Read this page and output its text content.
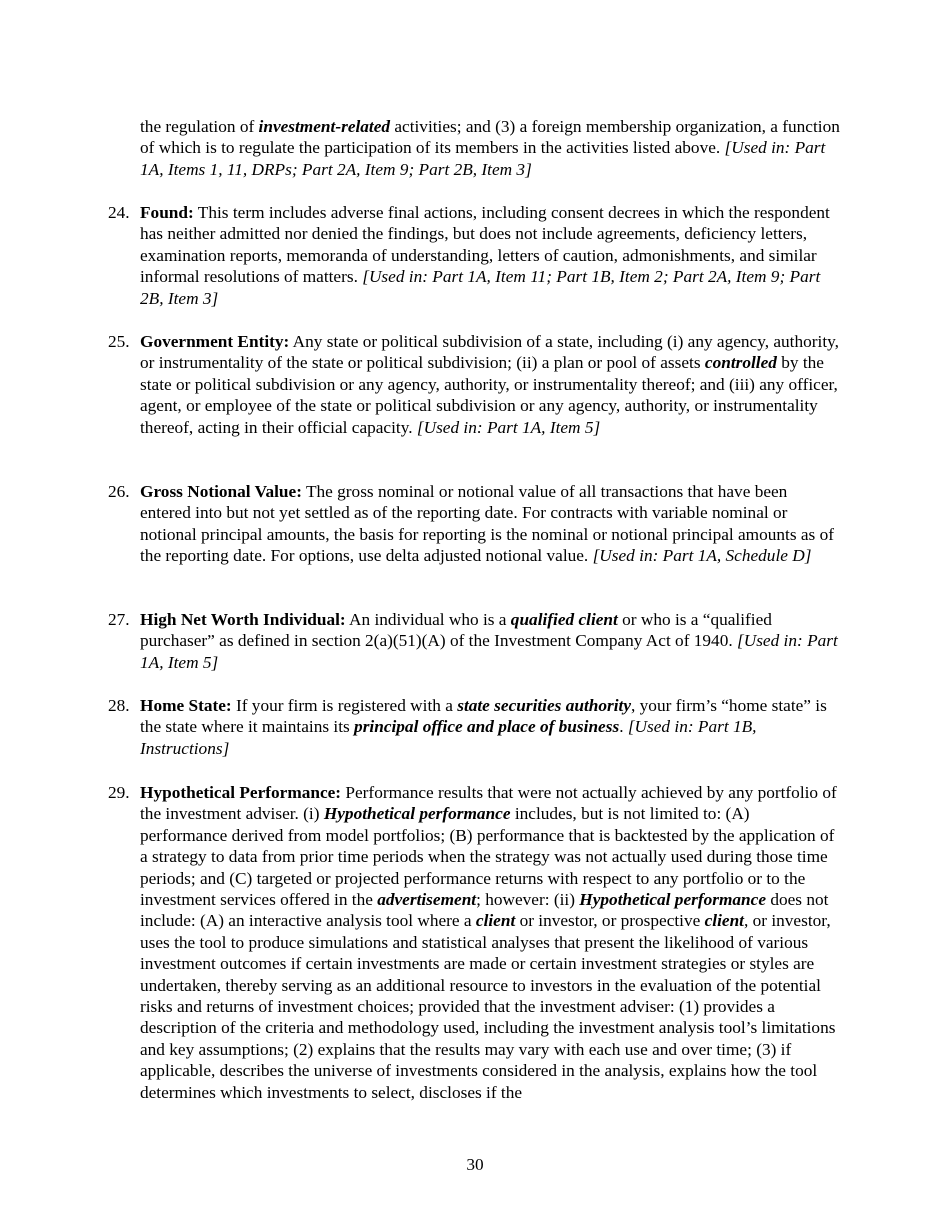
the regulation of investment-related activities; and (3) a foreign membership organization, a function of which is to regulate the participation of its members in the activities listed above. [Used in: Part 1A, Items 1, 11, DRPs; Part 2A, Item 9; Part 2B, Item 3]

24. Found: This term includes adverse final actions, including consent decrees in which the respondent has neither admitted nor denied the findings, but does not include agreements, deficiency letters, examination reports, memoranda of understanding, letters of caution, admonishments, and similar informal resolutions of matters. [Used in: Part 1A, Item 11; Part 1B, Item 2; Part 2A, Item 9; Part 2B, Item 3]
25. Government Entity: Any state or political subdivision of a state, including (i) any agency, authority, or instrumentality of the state or political subdivision; (ii) a plan or pool of assets controlled by the state or political subdivision or any agency, authority, or instrumentality thereof; and (iii) any officer, agent, or employee of the state or political subdivision or any agency, authority, or instrumentality thereof, acting in their official capacity. [Used in: Part 1A, Item 5]
26. Gross Notional Value: The gross nominal or notional value of all transactions that have been entered into but not yet settled as of the reporting date. For contracts with variable nominal or notional principal amounts, the basis for reporting is the nominal or notional principal amounts as of the reporting date. For options, use delta adjusted notional value. [Used in: Part 1A, Schedule D]
27. High Net Worth Individual: An individual who is a qualified client or who is a “qualified purchaser” as defined in section 2(a)(51)(A) of the Investment Company Act of 1940. [Used in: Part 1A, Item 5]
28. Home State: If your firm is registered with a state securities authority, your firm’s “home state” is the state where it maintains its principal office and place of business. [Used in: Part 1B, Instructions]
29. Hypothetical Performance: Performance results that were not actually achieved by any portfolio of the investment adviser. (i) Hypothetical performance includes, but is not limited to: (A) performance derived from model portfolios; (B) performance that is backtested by the application of a strategy to data from prior time periods when the strategy was not actually used during those time periods; and (C) targeted or projected performance returns with respect to any portfolio or to the investment services offered in the advertisement; however: (ii) Hypothetical performance does not include: (A) an interactive analysis tool where a client or investor, or prospective client, or investor, uses the tool to produce simulations and statistical analyses that present the likelihood of various investment outcomes if certain investments are made or certain investment strategies or styles are undertaken, thereby serving as an additional resource to investors in the evaluation of the potential risks and returns of investment choices; provided that the investment adviser: (1) provides a description of the criteria and methodology used, including the investment analysis tool’s limitations and key assumptions; (2) explains that the results may vary with each use and over time; (3) if applicable, describes the universe of investments considered in the analysis, explains how the tool determines which investments to select, discloses if the
30
